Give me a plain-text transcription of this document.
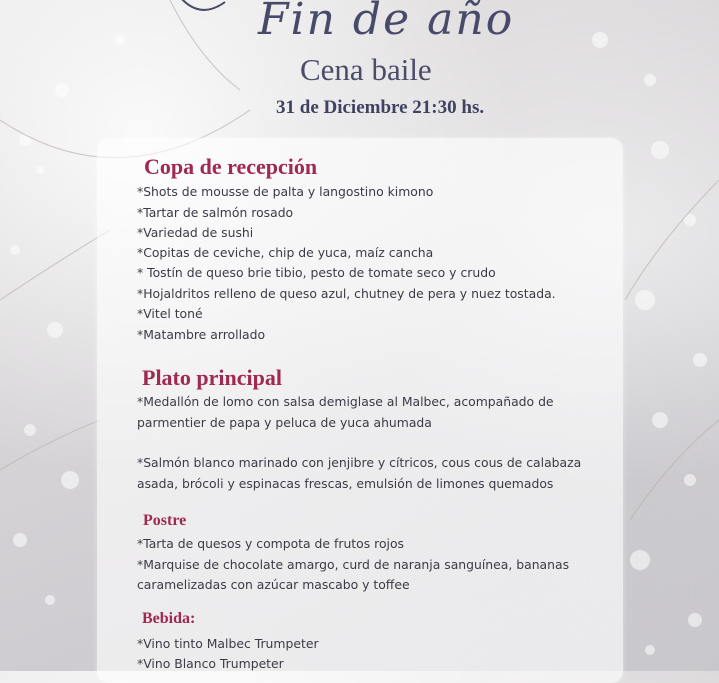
Fin de año
Cena baile
31 de Diciembre 21:30 hs.
Copa de recepción
*Shots de mousse de palta y langostino kimono
*Tartar de salmón rosado
*Variedad de sushi
*Copitas de ceviche, chip de yuca, maíz cancha
* Tostín de queso brie tibio, pesto de tomate seco y crudo
*Hojaldritos relleno de queso azul, chutney de pera y nuez tostada.
*Vitel toné
*Matambre arrollado
Plato principal
*Medallón de lomo con salsa demiglase al Malbec, acompañado de
parmentier de papa y peluca de yuca ahumada
*Salmón blanco marinado con jenjibre y cítricos, cous cous de calabaza
asada, brócoli y espinacas frescas, emulsión de limones quemados
Postre
*Tarta de quesos y compota de frutos rojos
*Marquise de chocolate amargo, curd de naranja sanguínea, bananas
caramelizadas con azúcar mascabo y toffee
Bebida:
*Vino tinto Malbec Trumpeter
*Vino Blanco Trumpeter
